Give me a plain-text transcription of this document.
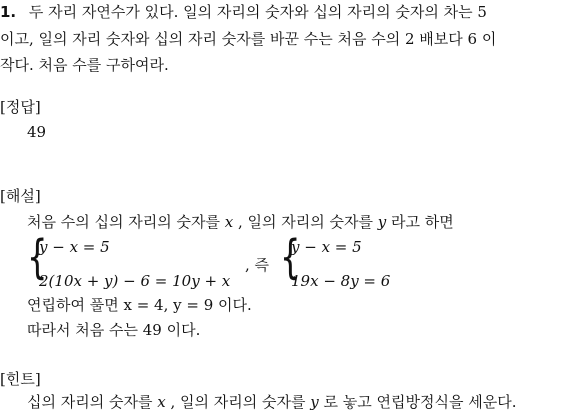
1. 두 자리 자연수가 있다. 일의 자리의 숫자와 십의 자리의 숫자의 차는 5
이고, 일의 자리 숫자와 십의 자리 숫자를 바꾼 수는 처음 수의 2 배보다 6 이
작다. 처음 수를 구하여라.
[정답]
49
[해설]
처음 수의 십의 자리의 숫자를 x , 일의 자리의 숫자를 y 라고 하면
{
y − x = 5
2(10x + y) − 6 = 10y + x
, 즉 {
y − x = 5
19x − 8y = 6
연립하여 풀면 x = 4, y = 9 이다.
따라서 처음 수는 49 이다.
[힌트]
십의 자리의 숫자를 x , 일의 자리의 숫자를 y 로 놓고 연립방정식을 세운다.
